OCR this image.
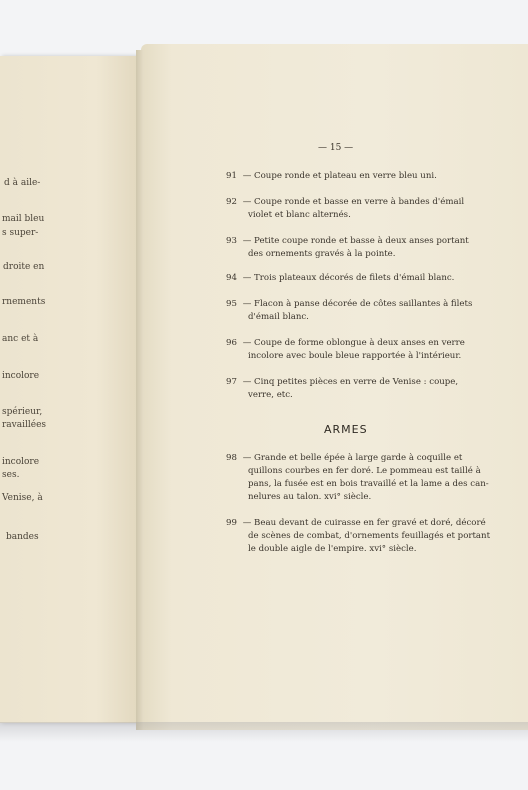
d à aile-
mail bleu
s super-
droite en
rnements
anc et à
incolore
spérieur,
ravaillées
incolore
ses.
Venise, à
bandes
— 15 —
91 — Coupe ronde et plateau en verre bleu uni.
92 — Coupe ronde et basse en verre à bandes d'émail
violet et blanc alternés.
93 — Petite coupe ronde et basse à deux anses portant
des ornements gravés à la pointe.
94 — Trois plateaux décorés de filets d'émail blanc.
95 — Flacon à panse décorée de côtes saillantes à filets
d'émail blanc.
96 — Coupe de forme oblongue à deux anses en verre
incolore avec boule bleue rapportée à l'intérieur.
97 — Cinq petites pièces en verre de Venise : coupe,
verre, etc.
ARMES
98 — Grande et belle épée à large garde à coquille et
quillons courbes en fer doré. Le pommeau est taillé à
pans, la fusée est en bois travaillé et la lame a des can-
nelures au talon. xvi° siècle.
99 — Beau devant de cuirasse en fer gravé et doré, décoré
de scènes de combat, d'ornements feuillagés et portant
le double aigle de l'empire. xvi° siècle.
